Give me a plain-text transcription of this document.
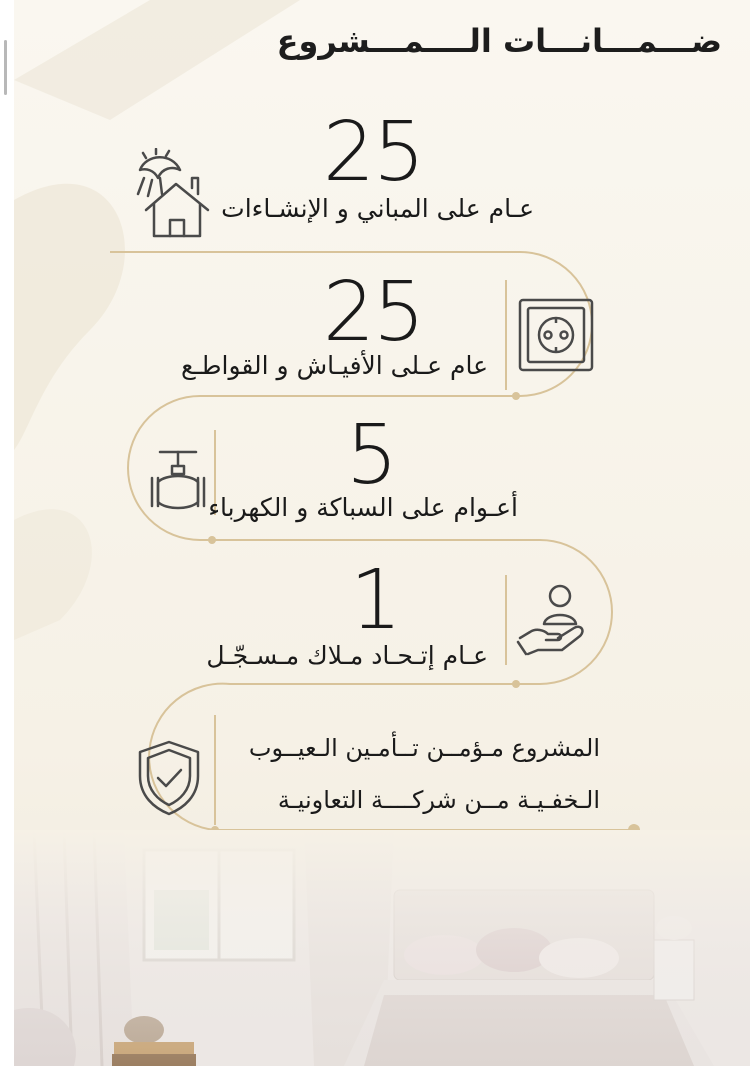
ضـــمـــانـــات الــــمـــشروع
25
عـام على المباني و الإنشـاءات
25
عام عـلى الأفيـاش و القواطـع
5
أعـوام على السباكة و الكهرباء
1
عـام إتـحـاد مـلاك مـسـجّـل
المشروع مـؤمــن تــأمـين الـعيــوب
الـخفـيـة مــن شركــــة التعاونيـة
